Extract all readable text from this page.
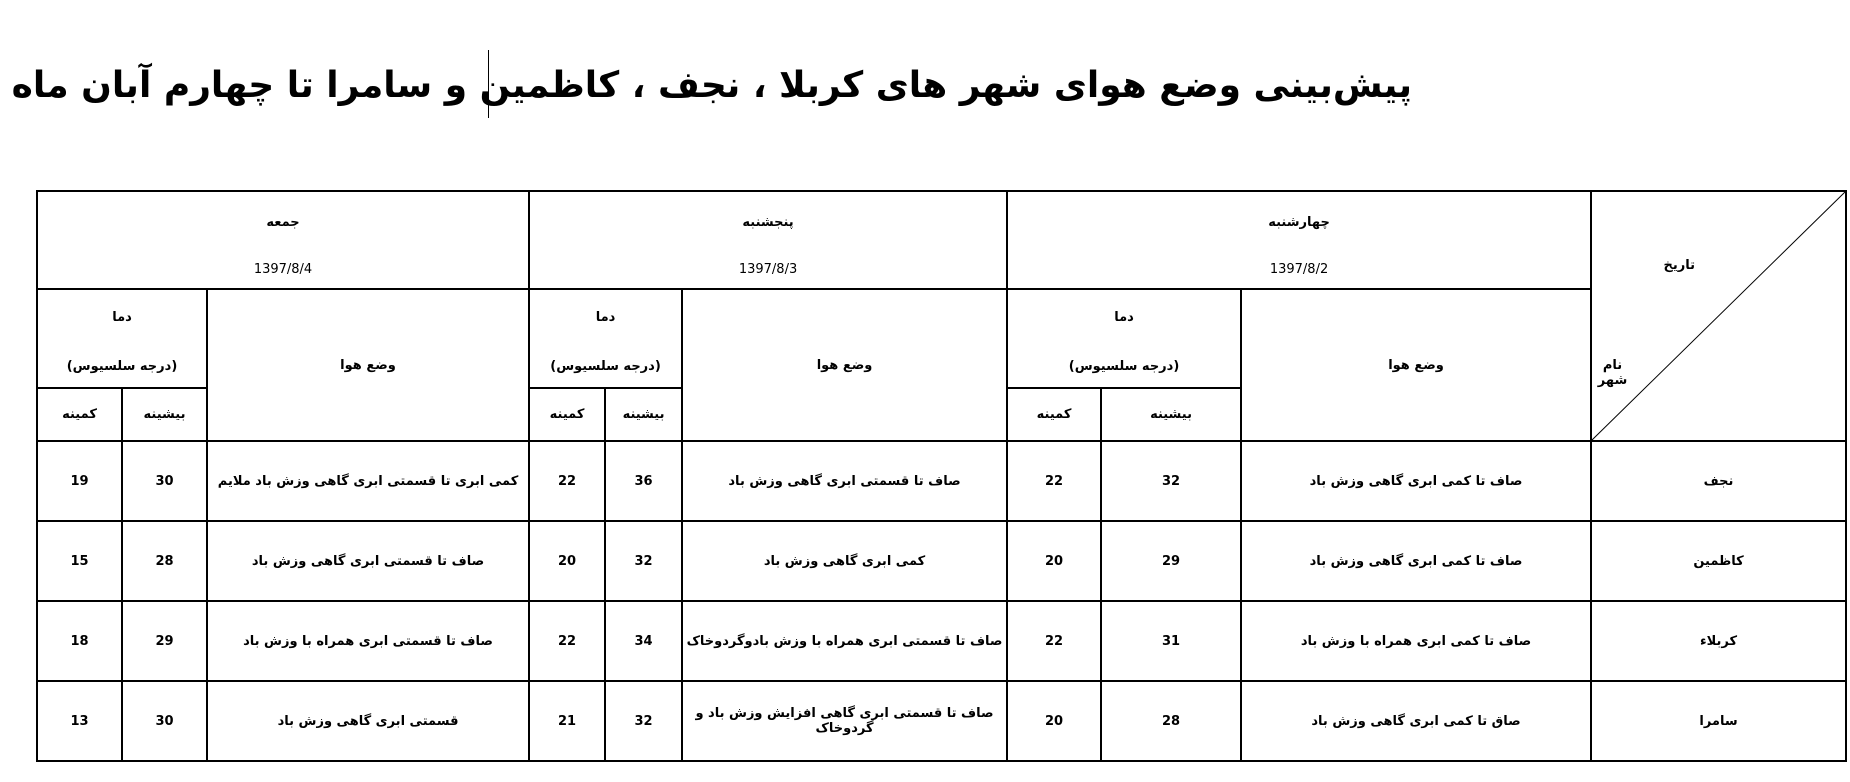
پیش‌بینی وضع هوای شهر های کربلا ، نجف ، کاظمین و سامرا تا چهارم آبان ماه
تاریخ
نام شهر	چهارشنبه
1397/8/2			پنجشنبه
1397/8/3			جمعه
1397/8/4		

	وضع هوا	دما
(درجه سلسیوس)		وضع هوا	دما
(درجه سلسیوس)		وضع هوا	دما
(درجه سلسیوس)	

		بیشینه	کمینه		بیشینه	کمینه		بیشینه	کمینه
نجف	صاف تا کمی ابری گاهی وزش باد	32	22	صاف تا قسمتی ابری گاهی وزش باد	36	22	کمی ابری تا قسمتی ابری گاهی وزش باد ملایم	30	19
کاظمین	صاف تا کمی ابری گاهی وزش باد	29	20	کمی ابری گاهی وزش باد	32	20	صاف تا قسمتی ابری گاهی وزش باد	28	15
کربلاء	صاف تا کمی ابری همراه با وزش باد	31	22	صاف تا قسمتی ابری همراه با وزش بادوگردوخاک	34	22	صاف تا قسمتی ابری همراه با وزش باد	29	18
سامرا	صاق تا کمی ابری گاهی وزش باد	28	20	صاف تا قسمتی ابری گاهی افزایش وزش باد و گردوخاک	32	21	قسمتی ابری گاهی وزش باد	30	13
